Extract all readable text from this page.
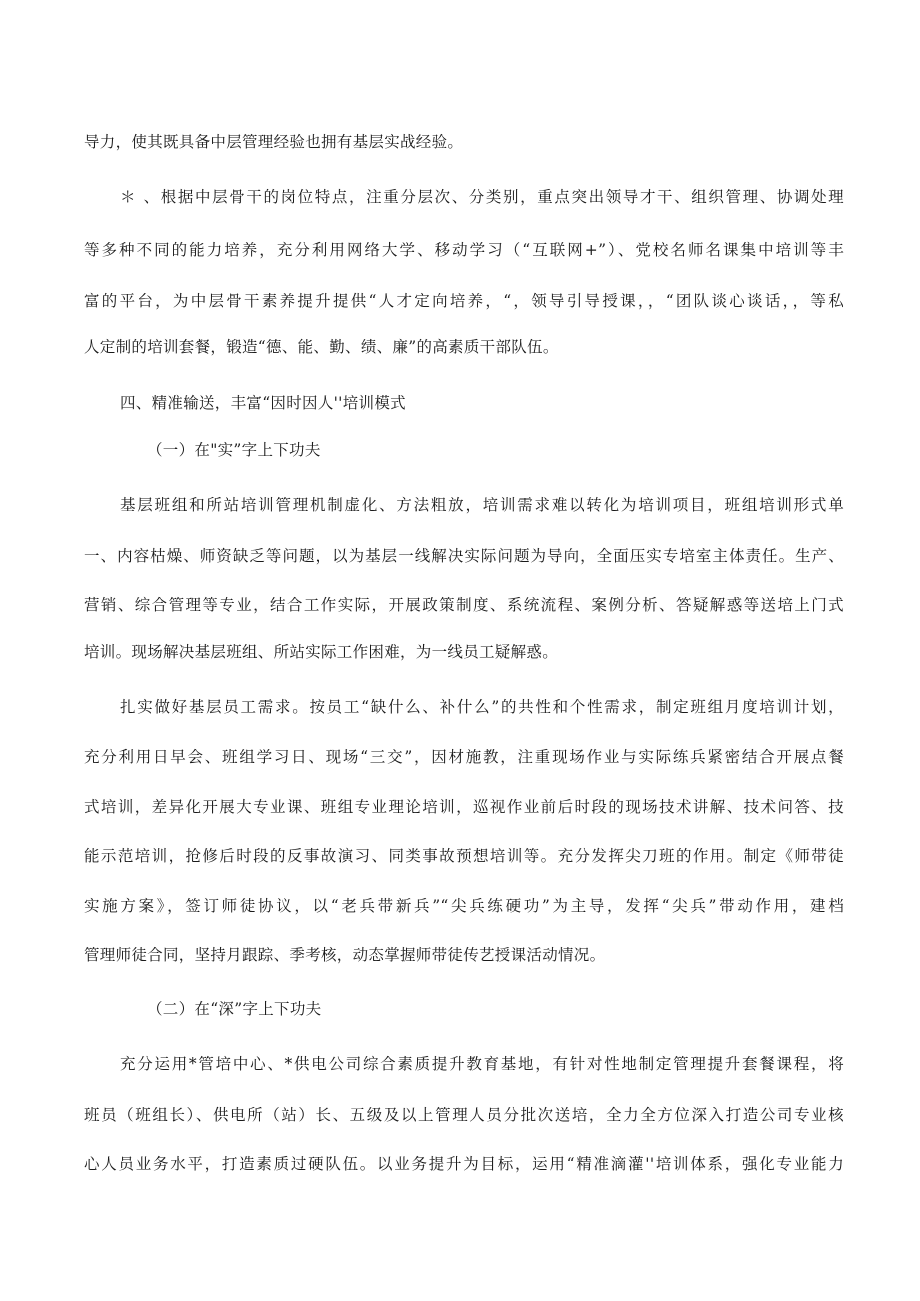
导力，使其既具备中层管理经验也拥有基层实战经验。
＊ 、根据中层骨干的岗位特点，注重分层次、分类别，重点突出领导才干、组织管理、协调处理
等多种不同的能力培养，充分利用网络大学、移动学习（“互联网+”）、党校名师名课集中培训等丰
富的平台，为中层骨干素养提升提供“人才定向培养，“，领导引导授课，，“团队谈心谈话，，等私
人定制的培训套餐，锻造“德、能、勤、绩、廉”的高素质干部队伍。
四、精准输送，丰富“因时因人''培训模式
（一）在"实”字上下功夫
基层班组和所站培训管理机制虚化、方法粗放，培训需求难以转化为培训项目，班组培训形式单
一、内容枯燥、师资缺乏等问题，以为基层一线解决实际问题为导向，全面压实专培室主体责任。生产、
营销、综合管理等专业，结合工作实际，开展政策制度、系统流程、案例分析、答疑解惑等送培上门式
培训。现场解决基层班组、所站实际工作困难，为一线员工疑解惑。
扎实做好基层员工需求。按员工“缺什么、补什么”的共性和个性需求，制定班组月度培训计划，
充分利用日早会、班组学习日、现场“三交”，因材施教，注重现场作业与实际练兵紧密结合开展点餐
式培训，差异化开展大专业课、班组专业理论培训，巡视作业前后时段的现场技术讲解、技术问答、技
能示范培训，抢修后时段的反事故演习、同类事故预想培训等。充分发挥尖刀班的作用。制定《师带徒
实施方案》，签订师徒协议，以“老兵带新兵”“尖兵练硬功”为主导，发挥“尖兵”带动作用，建档
管理师徒合同，坚持月跟踪、季考核，动态掌握师带徒传艺授课活动情况。
（二）在“深”字上下功夫
充分运用*管培中心、*供电公司综合素质提升教育基地，有针对性地制定管理提升套餐课程，将
班员（班组长）、供电所（站）长、五级及以上管理人员分批次送培，全力全方位深入打造公司专业核
心人员业务水平，打造素质过硬队伍。以业务提升为目标，运用“精准滴灌''培训体系，强化专业能力
